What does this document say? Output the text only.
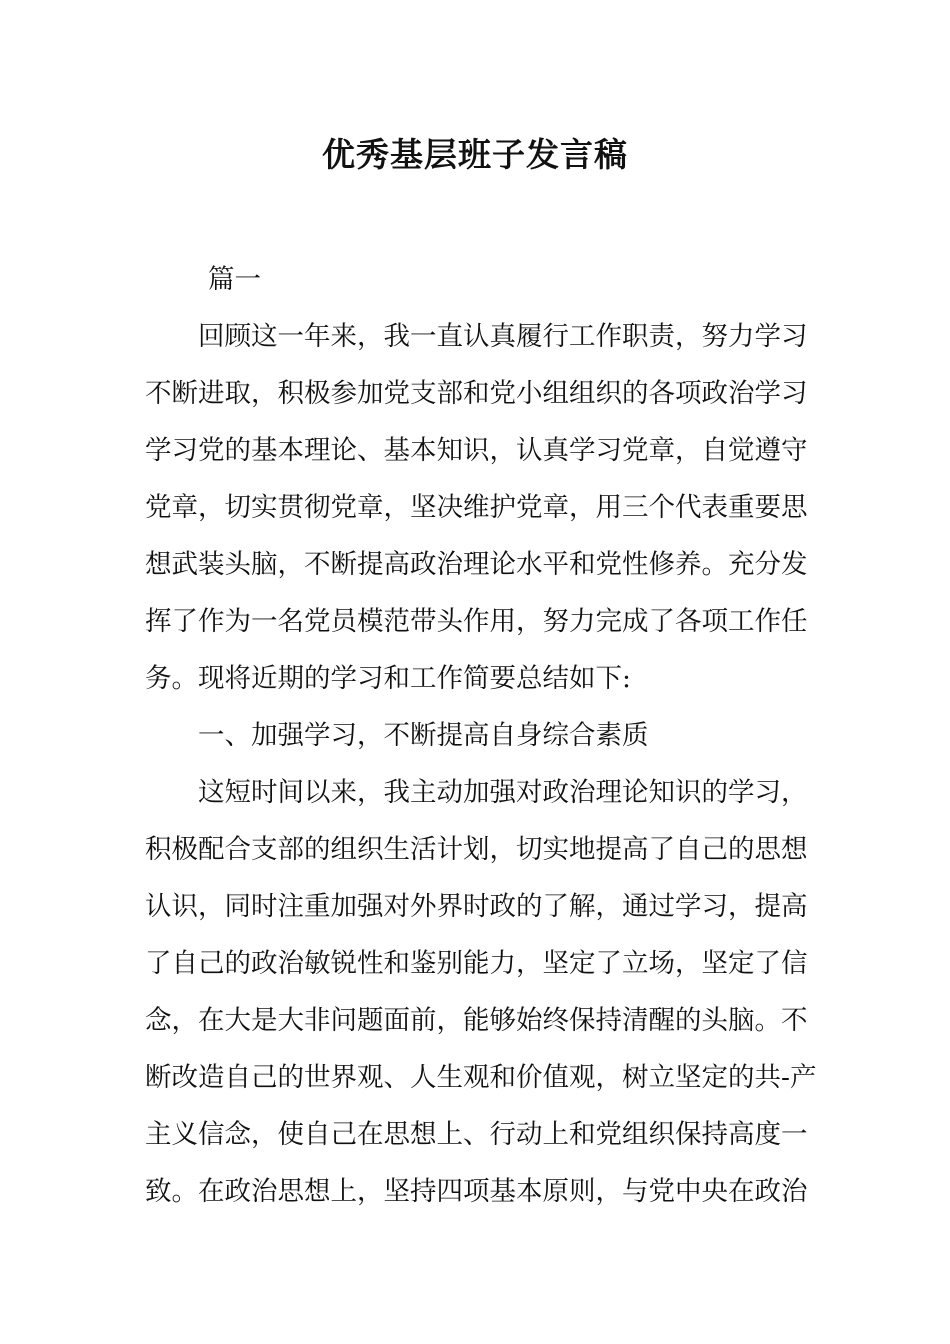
优秀基层班子发言稿

篇一

回顾这一年来，我一直认真履行工作职责，努力学习

不断进取，积极参加党支部和党小组组织的各项政治学习

学习党的基本理论、基本知识，认真学习党章，自觉遵守

党章，切实贯彻党章，坚决维护党章，用三个代表重要思

想武装头脑，不断提高政治理论水平和党性修养。充分发

挥了作为一名党员模范带头作用，努力完成了各项工作任

务。现将近期的学习和工作简要总结如下:

一、加强学习，不断提高自身综合素质

这短时间以来，我主动加强对政治理论知识的学习，

积极配合支部的组织生活计划，切实地提高了自己的思想

认识，同时注重加强对外界时政的了解，通过学习，提高

了自己的政治敏锐性和鉴别能力，坚定了立场，坚定了信

念，在大是大非问题面前，能够始终保持清醒的头脑。不

断改造自己的世界观、人生观和价值观，树立坚定的共-产

主义信念，使自己在思想上、行动上和党组织保持高度一

致。在政治思想上，坚持四项基本原则，与党中央在政治
